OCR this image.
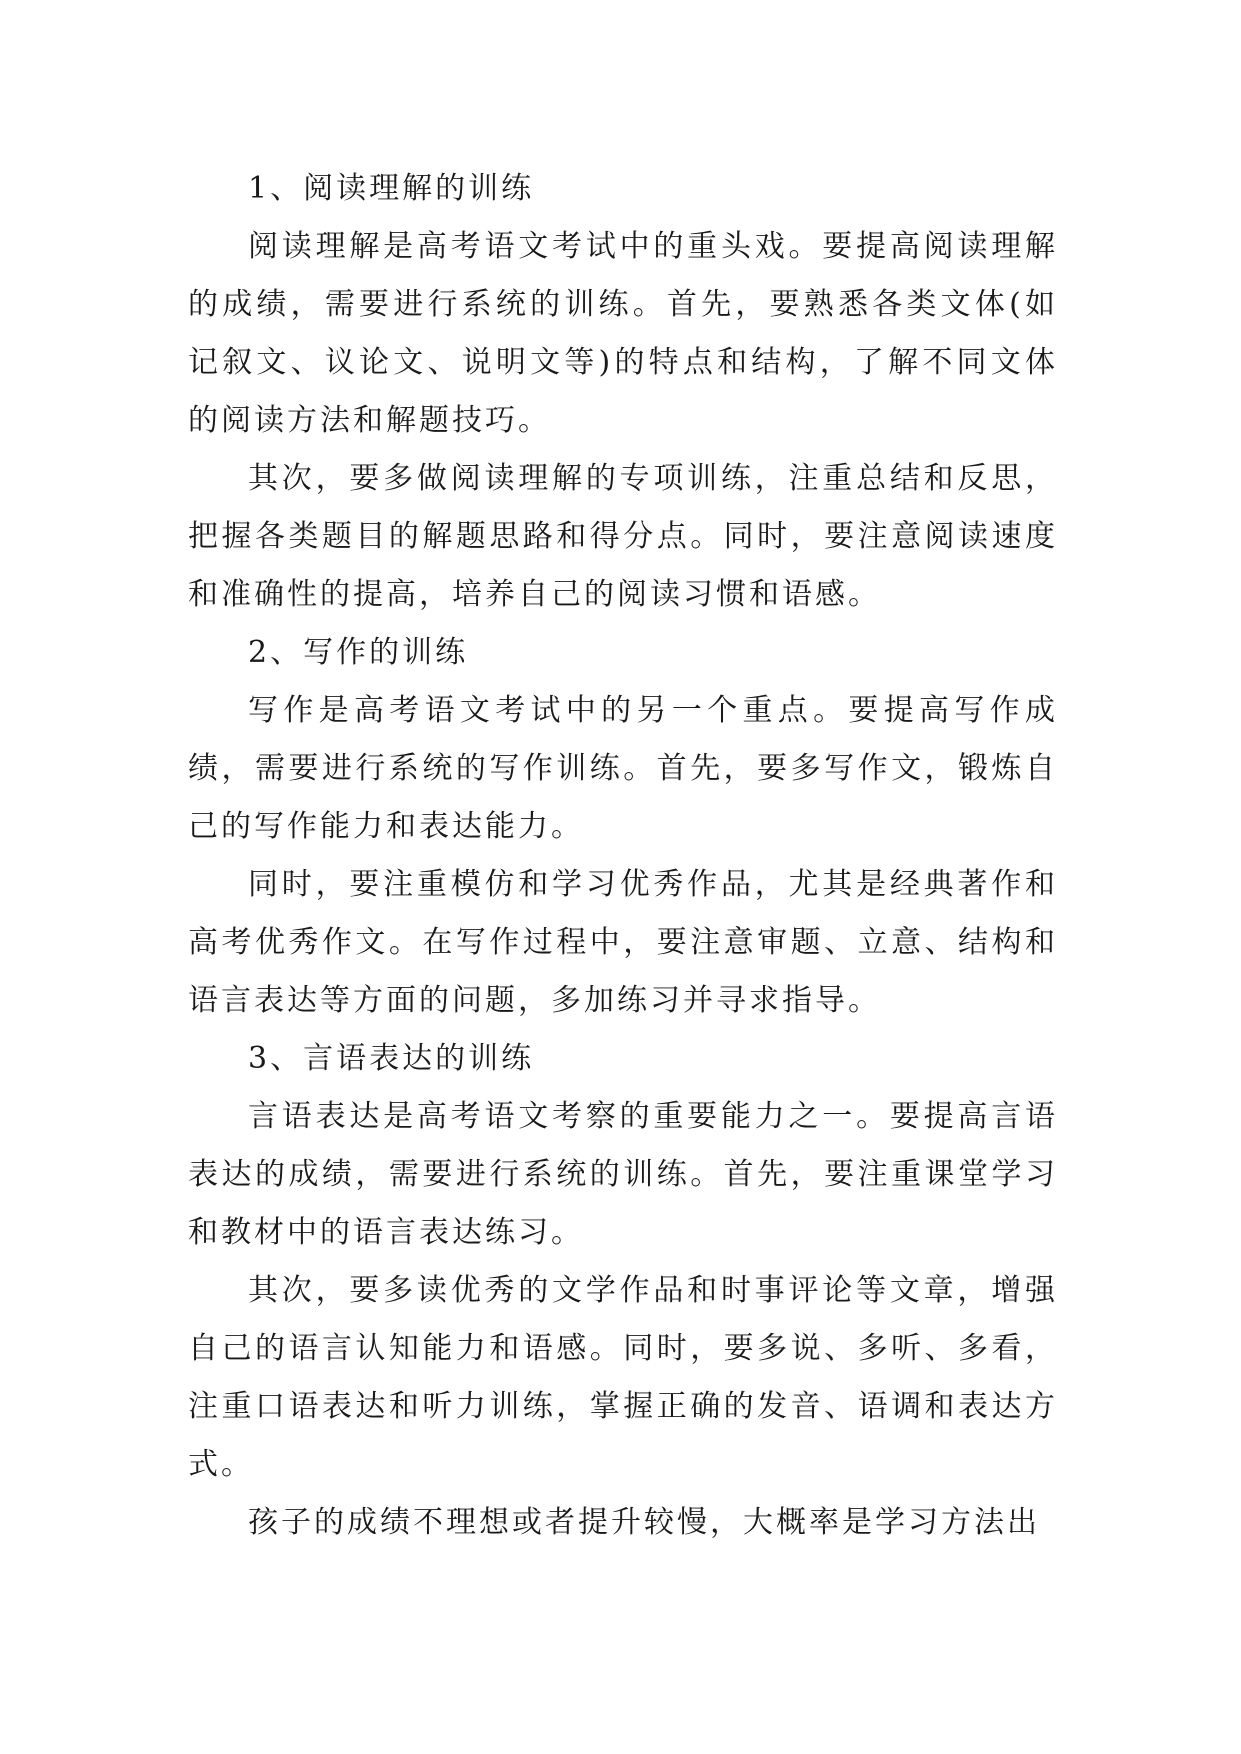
1、阅读理解的训练

阅读理解是高考语文考试中的重头戏。要提高阅读理解的成绩，需要进行系统的训练。首先，要熟悉各类文体(如记叙文、议论文、说明文等)的特点和结构，了解不同文体的阅读方法和解题技巧。

其次，要多做阅读理解的专项训练，注重总结和反思，把握各类题目的解题思路和得分点。同时，要注意阅读速度和准确性的提高，培养自己的阅读习惯和语感。

2、写作的训练

写作是高考语文考试中的另一个重点。要提高写作成绩，需要进行系统的写作训练。首先，要多写作文，锻炼自己的写作能力和表达能力。

同时，要注重模仿和学习优秀作品，尤其是经典著作和高考优秀作文。在写作过程中，要注意审题、立意、结构和语言表达等方面的问题，多加练习并寻求指导。

3、言语表达的训练

言语表达是高考语文考察的重要能力之一。要提高言语表达的成绩，需要进行系统的训练。首先，要注重课堂学习和教材中的语言表达练习。

其次，要多读优秀的文学作品和时事评论等文章，增强自己的语言认知能力和语感。同时，要多说、多听、多看，注重口语表达和听力训练，掌握正确的发音、语调和表达方式。

孩子的成绩不理想或者提升较慢，大概率是学习方法出
